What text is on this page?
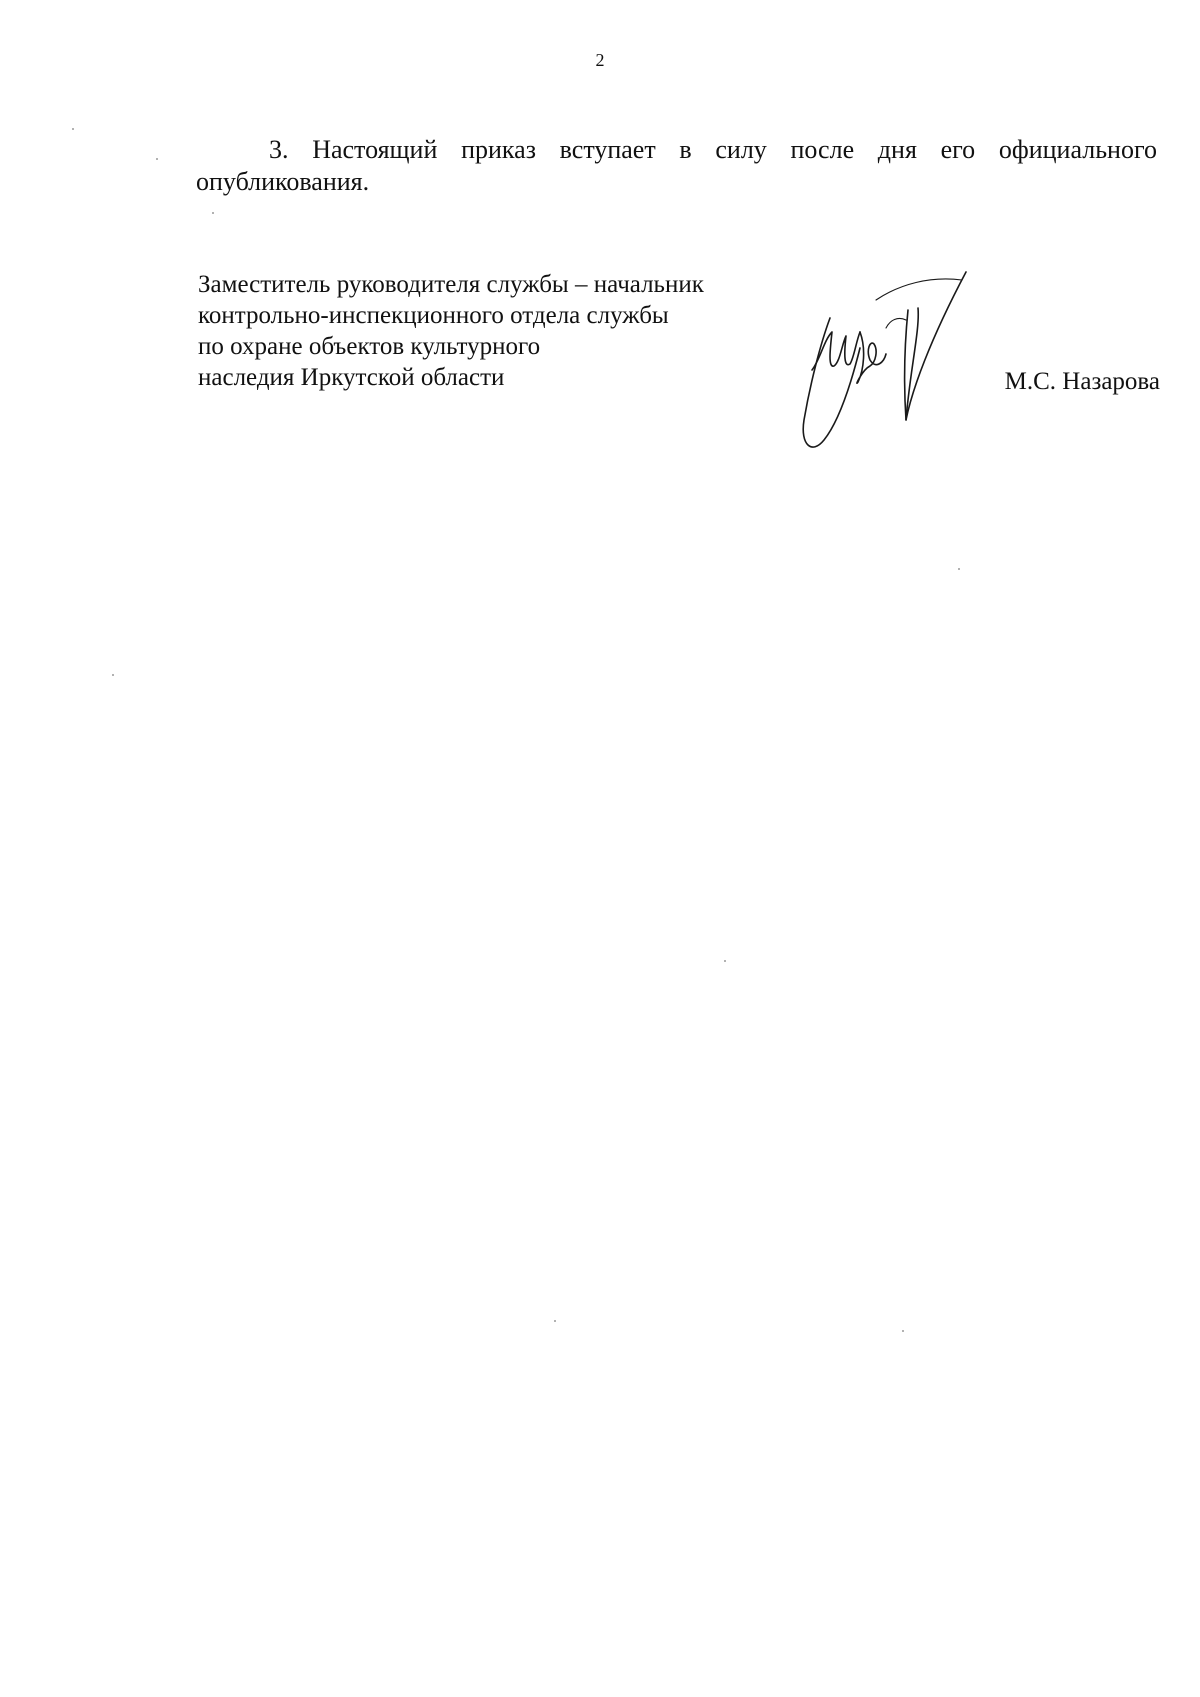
2

3. Настоящий приказ вступает в силу после дня его официального опубликования.

Заместитель руководителя службы – начальник
контрольно-инспекционного отдела службы
по охране объектов культурного
наследия Иркутской области	М.С. Назарова
